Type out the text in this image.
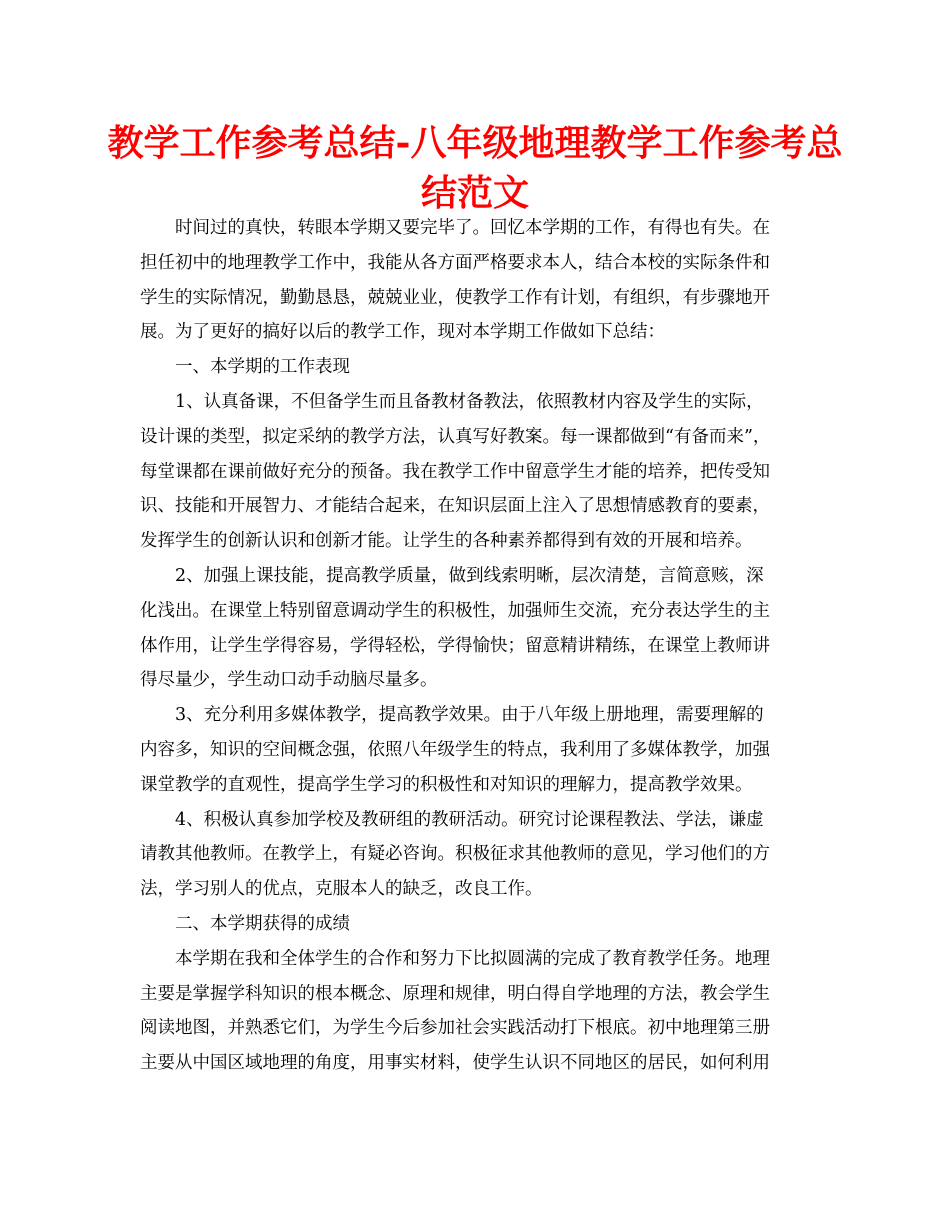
教学工作参考总结-八年级地理教学工作参考总结范文
时间过的真快，转眼本学期又要完毕了。回忆本学期的工作，有得也有失。在
担任初中的地理教学工作中，我能从各方面严格要求本人，结合本校的实际条件和
学生的实际情况，勤勤恳恳，兢兢业业，使教学工作有计划，有组织，有步骤地开
展。为了更好的搞好以后的教学工作，现对本学期工作做如下总结：
一、本学期的工作表现
1、认真备课，不但备学生而且备教材备教法，依照教材内容及学生的实际，
设计课的类型，拟定采纳的教学方法，认真写好教案。每一课都做到“有备而来”，
每堂课都在课前做好充分的预备。我在教学工作中留意学生才能的培养，把传受知
识、技能和开展智力、才能结合起来，在知识层面上注入了思想情感教育的要素，
发挥学生的创新认识和创新才能。让学生的各种素养都得到有效的开展和培养。
2、加强上课技能，提高教学质量，做到线索明晰，层次清楚，言简意赅，深
化浅出。在课堂上特别留意调动学生的积极性，加强师生交流，充分表达学生的主
体作用，让学生学得容易，学得轻松，学得愉快；留意精讲精练，在课堂上教师讲
得尽量少，学生动口动手动脑尽量多。
3、充分利用多媒体教学，提高教学效果。由于八年级上册地理，需要理解的
内容多，知识的空间概念强，依照八年级学生的特点，我利用了多媒体教学，加强
课堂教学的直观性，提高学生学习的积极性和对知识的理解力，提高教学效果。
4、积极认真参加学校及教研组的教研活动。研究讨论课程教法、学法，谦虚
请教其他教师。在教学上，有疑必咨询。积极征求其他教师的意见，学习他们的方
法，学习别人的优点，克服本人的缺乏，改良工作。
二、本学期获得的成绩
本学期在我和全体学生的合作和努力下比拟圆满的完成了教育教学任务。地理
主要是掌握学科知识的根本概念、原理和规律，明白得自学地理的方法，教会学生
阅读地图，并熟悉它们，为学生今后参加社会实践活动打下根底。初中地理第三册
主要从中国区域地理的角度，用事实材料，使学生认识不同地区的居民，如何利用
